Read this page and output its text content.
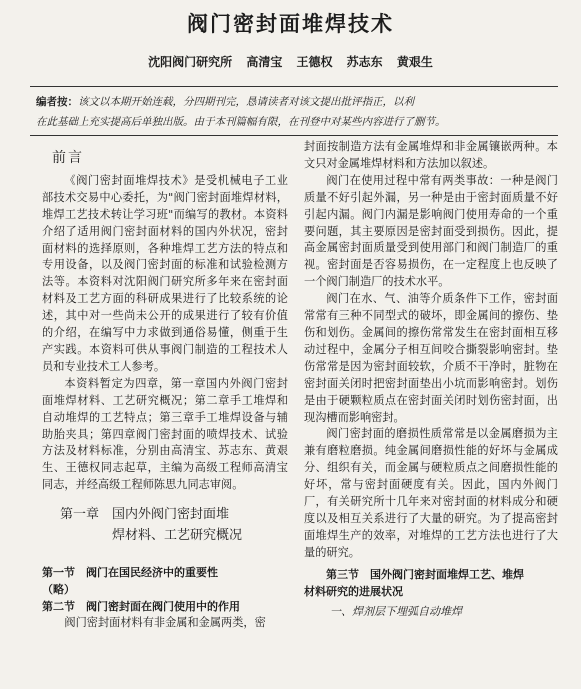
阀门密封面堆焊技术
沈阳阀门研究所 高清宝 王德权 苏志东 黄艰生
编者按：该文以本期开始连载，分四期刊完，恳请读者对该文提出批评指正，以利
在此基础上充实提高后单独出版。由于本刊篇幅有限，在刊登中对某些内容进行了删节。
前言

《阀门密封面堆焊技术》是受机械电子工业部技术交易中心委托，为"阀门密封面堆焊材料，堆焊工艺技术转让学习班"而编写的教材。本资料介绍了适用阀门密封面材料的国内外状况，密封面材料的选择原则，各种堆焊工艺方法的特点和专用设备，以及阀门密封面的标准和试验检测方法等。本资料对沈阳阀门研究所多年来在密封面材料及工艺方面的科研成果进行了比较系统的论述，其中对一些尚未公开的成果进行了较有价值的介绍，在编写中力求做到通俗易懂，侧重于生产实践。本资料可供从事阀门制造的工程技术人员和专业技术工人参考。

本资料暂定为四章，第一章国内外阀门密封面堆焊材料、工艺研究概况；第二章手工堆焊和自动堆焊的工艺特点；第三章手工堆焊设备与辅助胎夹具；第四章阀门密封面的喷焊技术、试验方法及材料标准，分别由高清宝、苏志东、黄艰生、王德权同志起草，主编为高级工程师高清宝同志，并经高级工程师陈思九同志审阅。

第一章　国内外阀门密封面堆
焊材料、工艺研究概况
第一节　阀门在国民经济中的重要性
（略）
第二节　阀门密封面在阀门使用中的作用

阀门密封面材料有非金属和金属两类，密

封面按制造方法有金属堆焊和非金属镶嵌两种。本文只对金属堆焊材料和方法加以叙述。

阀门在使用过程中常有两类事故：一种是阀门质量不好引起外漏，另一种是由于密封面质量不好引起内漏。阀门内漏是影响阀门使用寿命的一个重要问题，其主要原因是密封面受到损伤。因此，提高金属密封面质量受到使用部门和阀门制造厂的重视。密封面是否容易损伤，在一定程度上也反映了一个阀门制造厂的技术水平。

阀门在水、气、油等介质条件下工作，密封面常常有三种不同型式的破坏，即金属间的擦伤、垫伤和划伤。金属间的擦伤常常发生在密封面相互移动过程中，金属分子相互间咬合撕裂影响密封。垫伤常常是因为密封面较软，介质不干净时，脏物在密封面关闭时把密封面垫出小坑而影响密封。划伤是由于硬颗粒质点在密封面关闭时划伤密封面，出现沟槽而影响密封。

阀门密封面的磨损性质常常是以金属磨损为主兼有磨粒磨损。纯金属间磨损性能的好坏与金属成分、组织有关，而金属与硬粒质点之间磨损性能的好坏，常与密封面硬度有关。因此，国内外阀门厂，有关研究所十几年来对密封面的材料成分和硬度以及相互关系进行了大量的研究。为了提高密封面堆焊生产的效率，对堆焊的工艺方法也进行了大量的研究。

第三节　国外阀门密封面堆焊工艺、堆焊
材料研究的进展状况
一、焊剂层下埋弧自动堆焊
